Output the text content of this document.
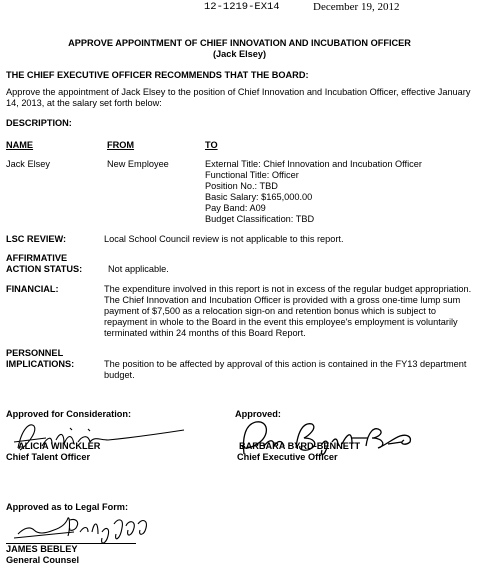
12-1219-EX14	December 19, 2012
APPROVE APPOINTMENT OF CHIEF INNOVATION AND INCUBATION OFFICER
(Jack Elsey)
THE CHIEF EXECUTIVE OFFICER RECOMMENDS THAT THE BOARD:
Approve the appointment of Jack Elsey to the position of Chief Innovation and Incubation Officer, effective January
14, 2013, at the salary set forth below:
DESCRIPTION:
NAME	FROM	TO
Jack Elsey	New Employee	External Title: Chief Innovation and Incubation Officer
Functional Title: Officer
Position No.: TBD
Basic Salary: $165,000.00
Pay Band: A09
Budget Classification: TBD
LSC REVIEW:	Local School Council review is not applicable to this report.
AFFIRMATIVE
ACTION STATUS:	Not applicable.
FINANCIAL:	The expenditure involved in this report is not in excess of the regular budget appropriation.
The Chief Innovation and Incubation Officer is provided with a gross one-time lump sum
payment of $7,500 as a relocation sign-on and retention bonus which is subject to
repayment in whole to the Board in the event this employee's employment is voluntarily
terminated within 24 months of this Board Report.
PERSONNEL
IMPLICATIONS:	The position to be affected by approval of this action is contained in the FY13 department
budget.
Approved for Consideration:
ALICIA WINCKLER
Chief Talent Officer
Approved:
BARBARA BYRD-BENNETT
Chief Executive Officer
Approved as to Legal Form:
JAMES BEBLEY
General Counsel
